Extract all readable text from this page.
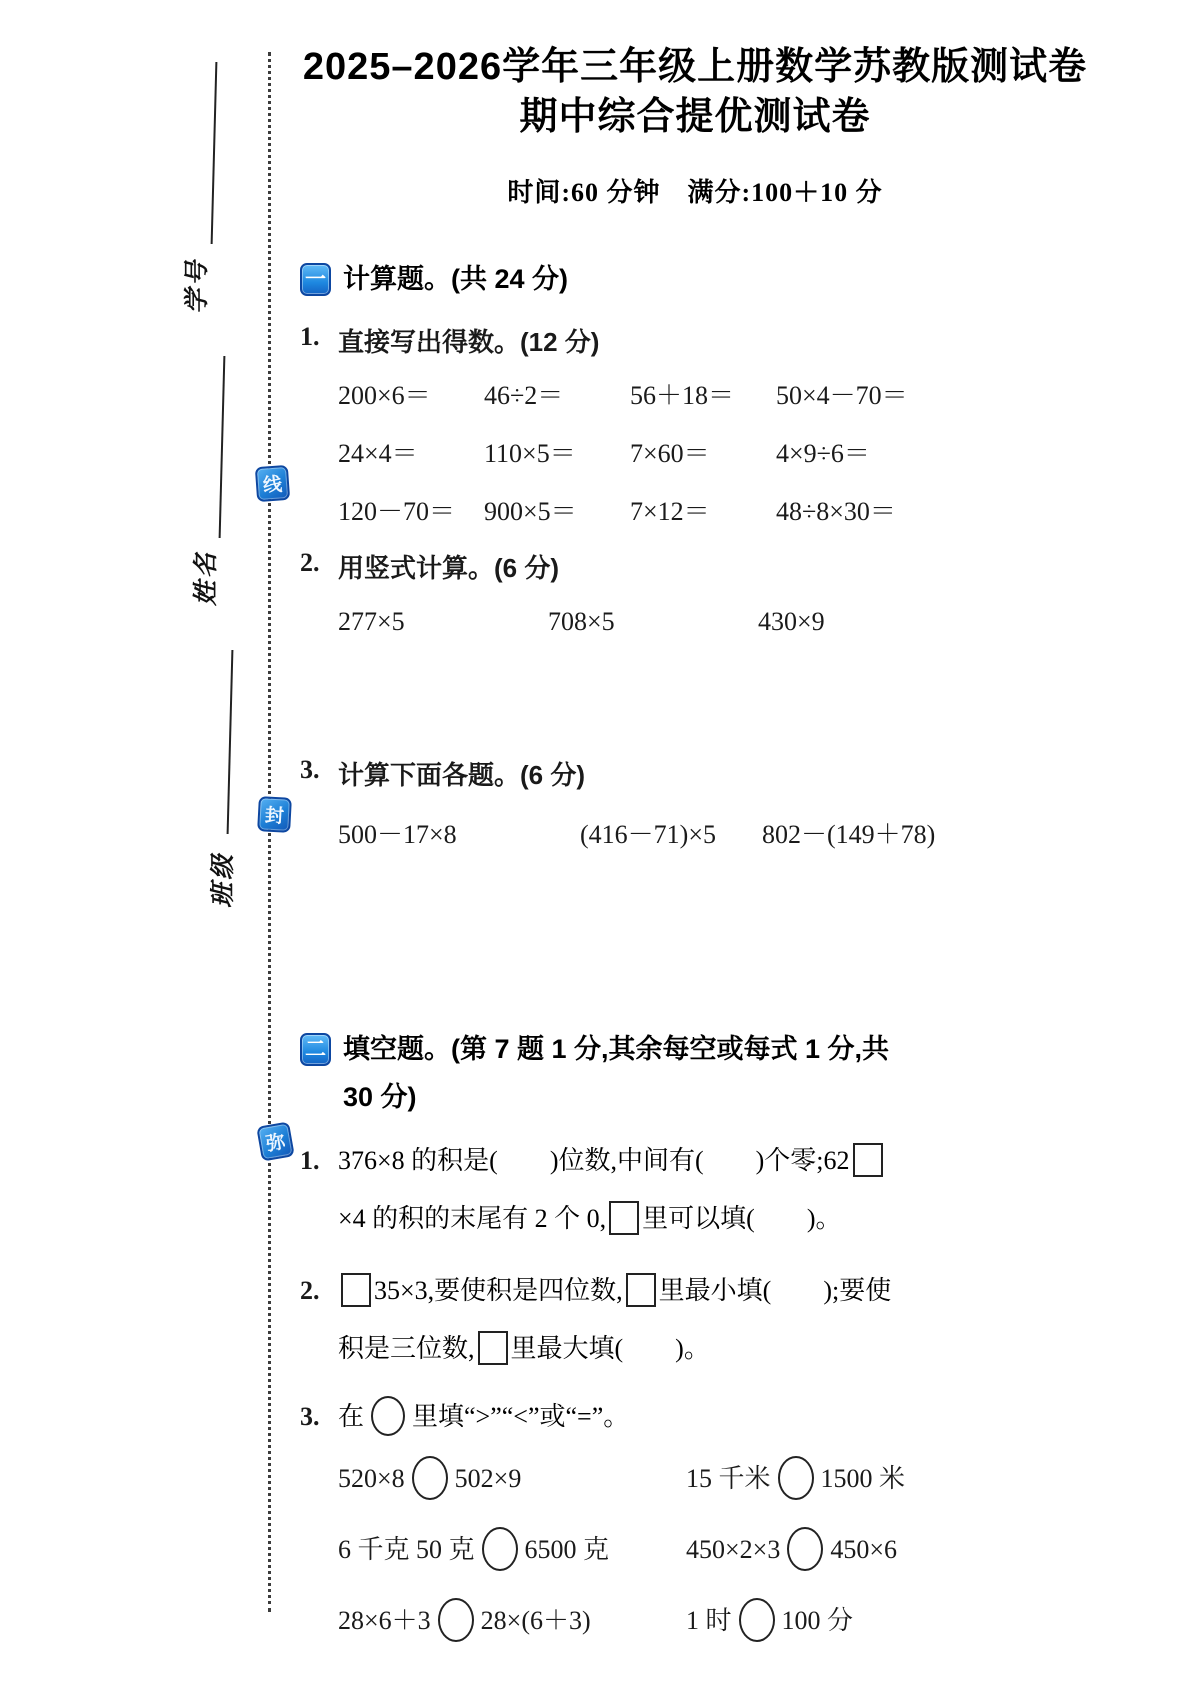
学号
姓名
班级
线
封
弥
2025–2026学年三年级上册数学苏教版测试卷
期中综合提优测试卷
时间:60 分钟　满分:100＋10 分
一 计算题。(共 24 分)
1. 直接写出得数。(12 分)
200×6＝	46÷2＝	56＋18＝	50×4－70＝
24×4＝	110×5＝	7×60＝	4×9÷6＝
120－70＝	900×5＝	7×12＝	48÷8×30＝
2. 用竖式计算。(6 分)
277×5	708×5	430×9
3. 计算下面各题。(6 分)
500－17×8	(416－71)×5	802－(149＋78)
二 填空题。(第 7 题 1 分,其余每空或每式 1 分,共
30 分)
1. 376×8 的积是(　　)位数,中间有(　　)个零;62
×4 的积的末尾有 2 个 0, 里可以填(　　)。
2.	35×3,要使积是四位数, 里最小填(　　);要使
积是三位数, 里最大填(　　)。
3. 在 里填“>”“<”或“=”。
520×8 502×9	15 千米 1500 米
6 千克 50 克 6500 克	450×2×3 450×6
28×6＋3 28×(6＋3)	1 时 100 分
